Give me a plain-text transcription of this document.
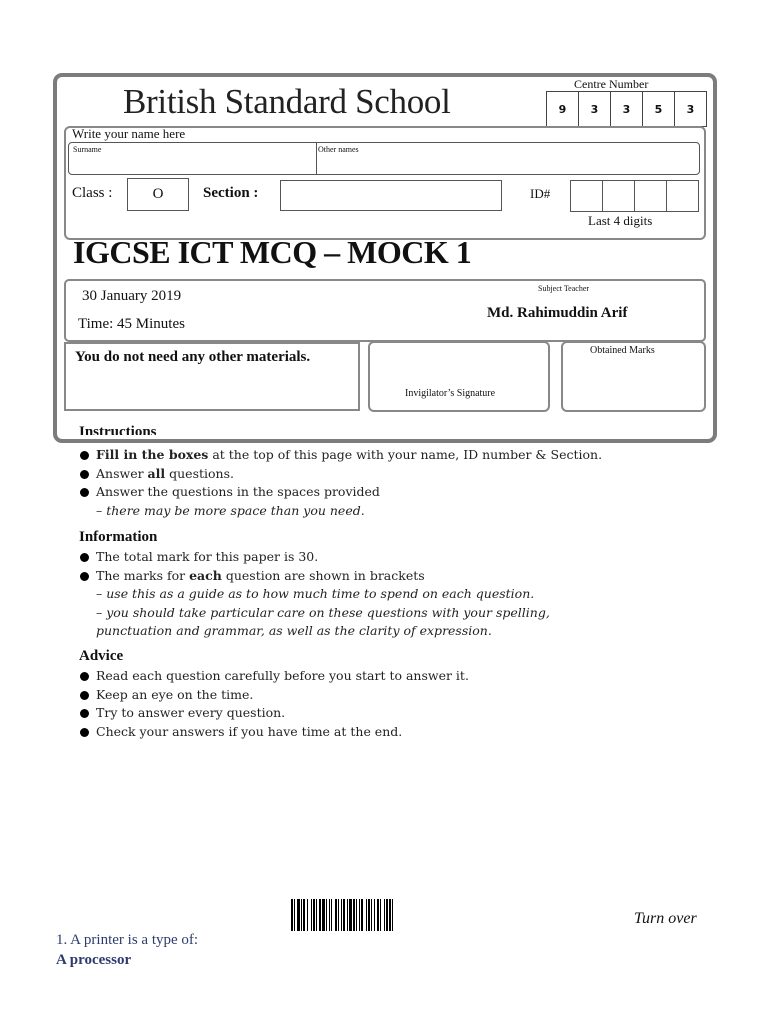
British Standard School	Centre Number
9	3	3	5	3
Write your name here
Surname	Other names
Class :	O	Section :	ID#
Last 4 digits
IGCSE ICT MCQ – MOCK 1
30 January 2019
Time: 45 Minutes
Subject Teacher
Md. Rahimuddin Arif
You do not need any other materials.
Invigilator’s Signature
Obtained Marks
Instructions
Fill in the boxes at the top of this page with your name, ID number & Section.
Answer all questions.
Answer the questions in the spaces provided
– there may be more space than you need.
Information
The total mark for this paper is 30.
The marks for each question are shown in brackets
– use this as a guide as to how much time to spend on each question.
– you should take particular care on these questions with your spelling,
punctuation and grammar, as well as the clarity of expression.
Advice
Read each question carefully before you start to answer it.
Keep an eye on the time.
Try to answer every question.
Check your answers if you have time at the end.
Turn over
1. A printer is a type of:
A processor
